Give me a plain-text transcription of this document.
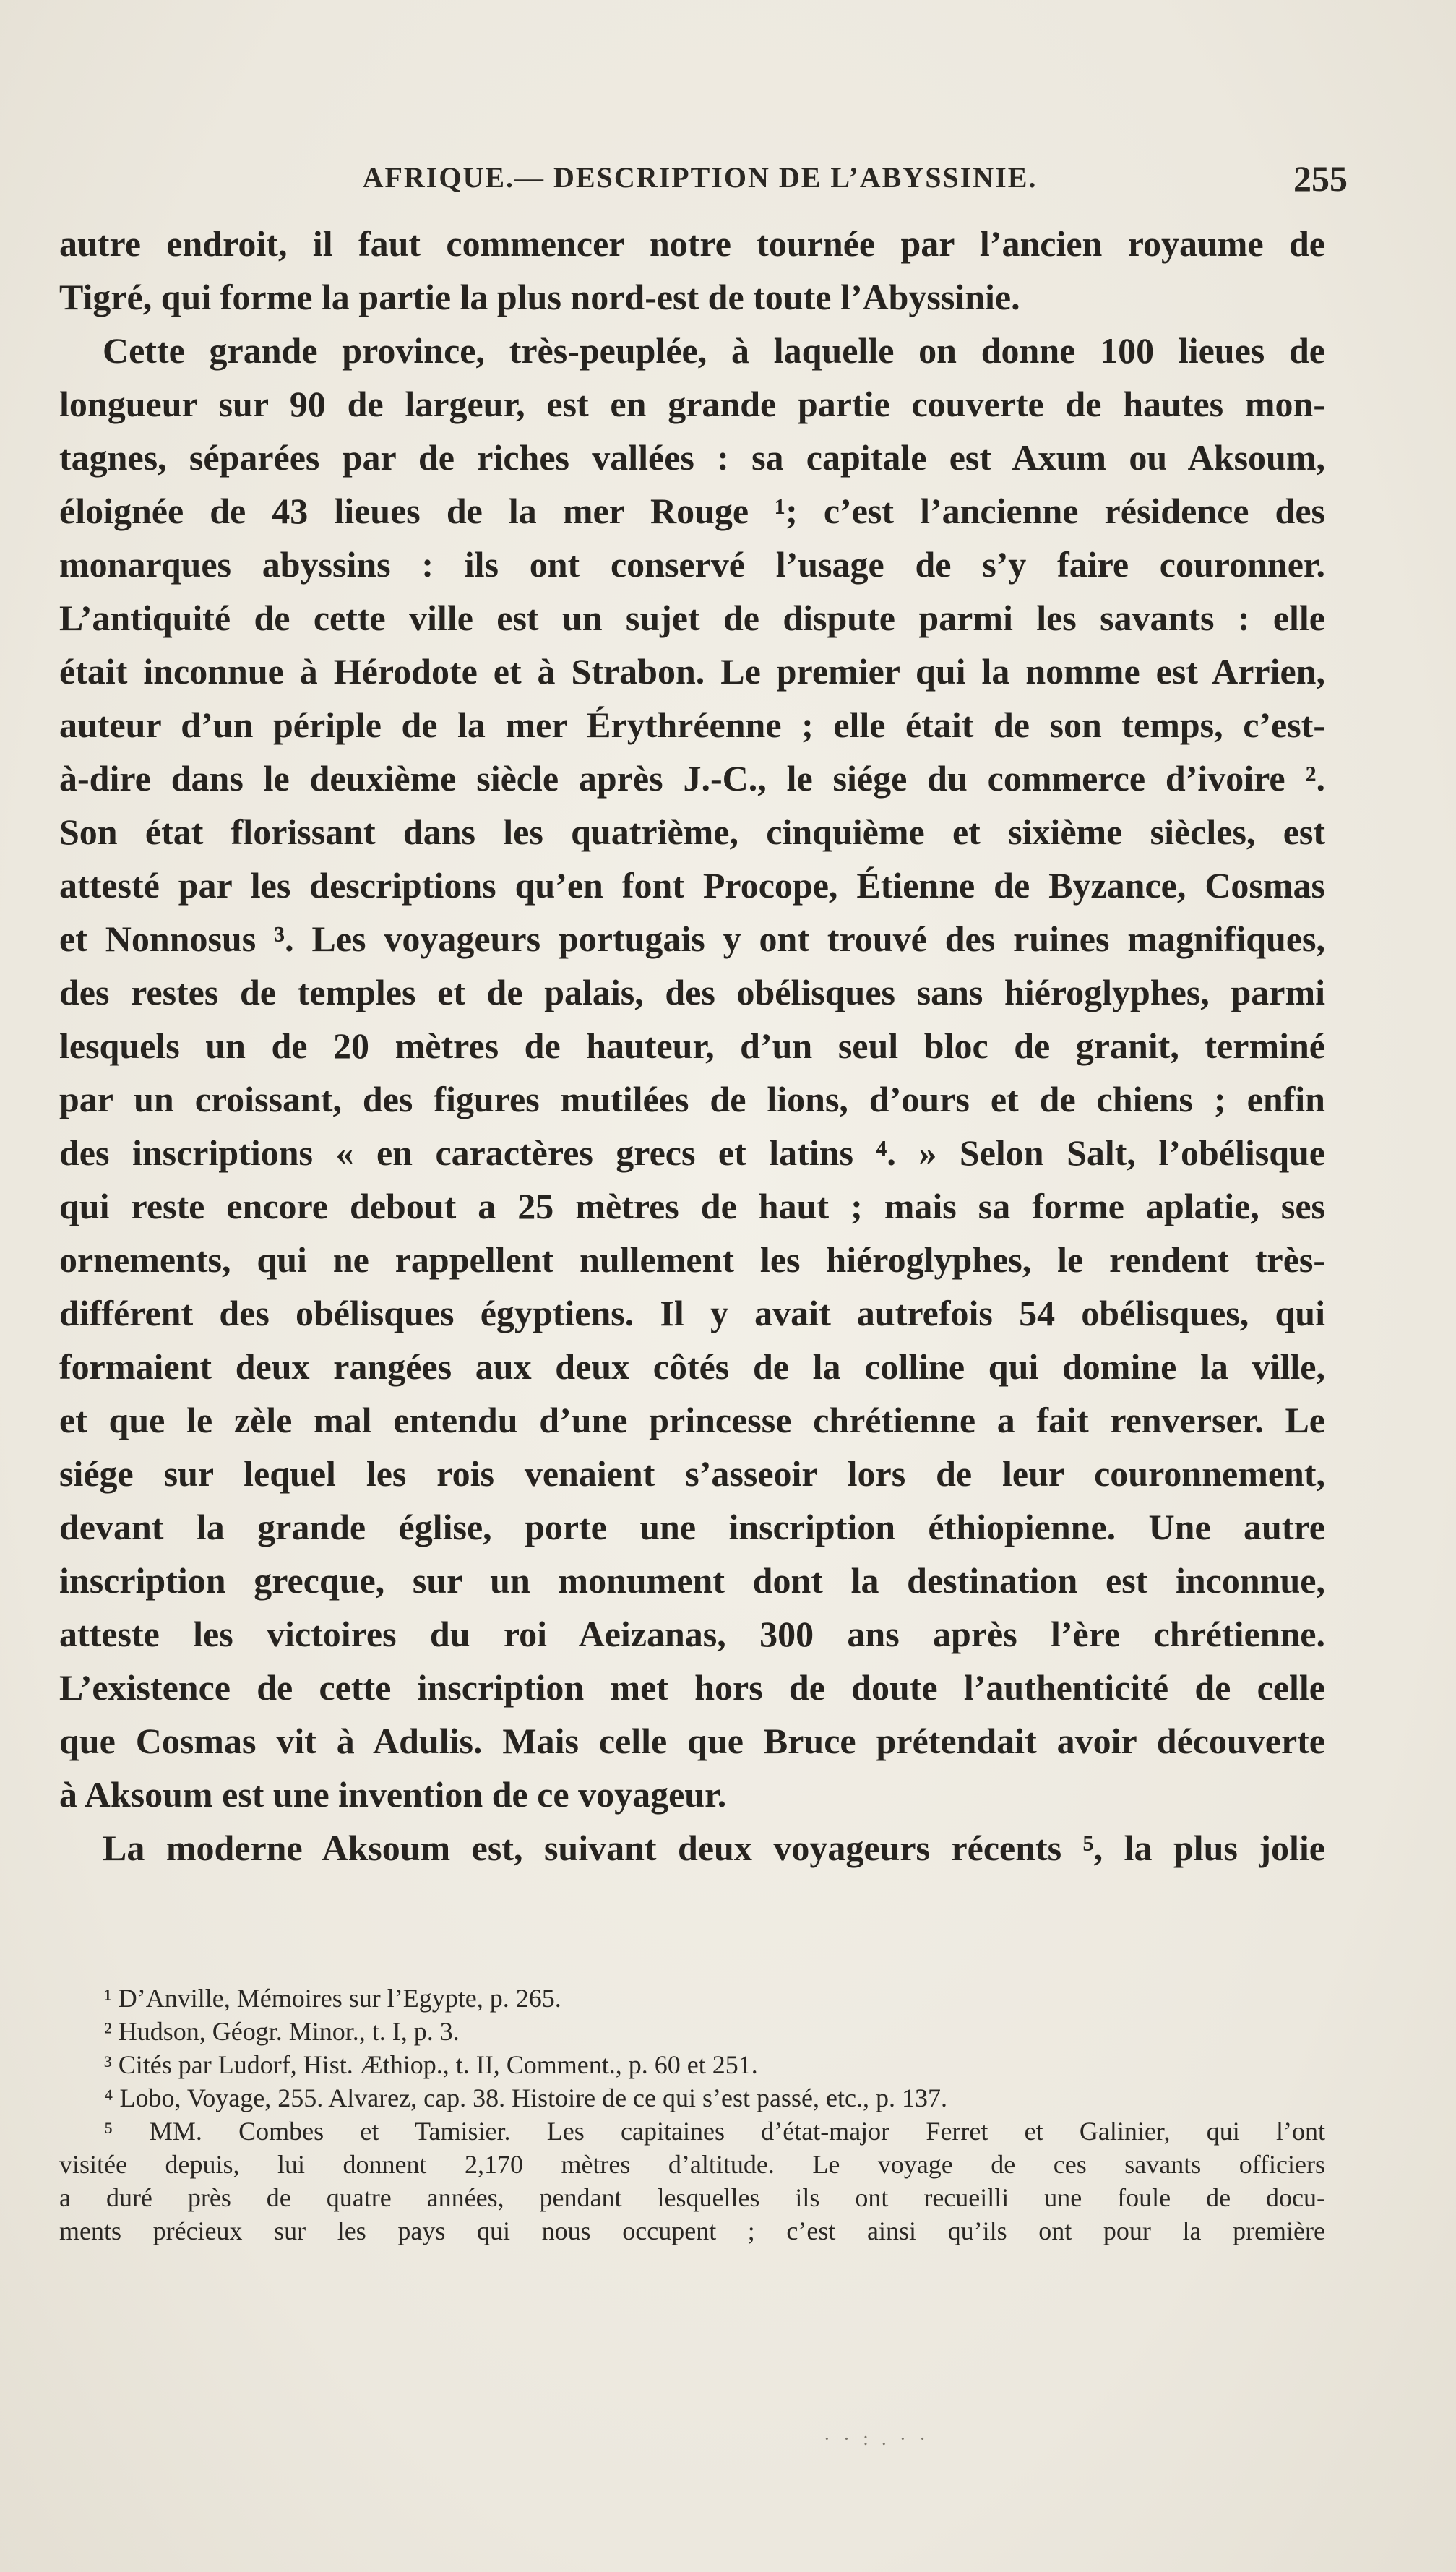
AFRIQUE.— DESCRIPTION DE L’ABYSSINIE.	255
autre endroit, il faut commencer notre tournée par l’ancien royaume de
Tigré, qui forme la partie la plus nord-est de toute l’Abyssinie.
Cette grande province, très-peuplée, à laquelle on donne 100 lieues de
longueur sur 90 de largeur, est en grande partie couverte de hautes mon-
tagnes, séparées par de riches vallées : sa capitale est Axum ou Aksoum,
éloignée de 43 lieues de la mer Rouge ¹; c’est l’ancienne résidence des
monarques abyssins : ils ont conservé l’usage de s’y faire couronner.
L’antiquité de cette ville est un sujet de dispute parmi les savants : elle
était inconnue à Hérodote et à Strabon. Le premier qui la nomme est Arrien,
auteur d’un périple de la mer Érythréenne ; elle était de son temps, c’est-
à-dire dans le deuxième siècle après J.-C., le siége du commerce d’ivoire ².
Son état florissant dans les quatrième, cinquième et sixième siècles, est
attesté par les descriptions qu’en font Procope, Étienne de Byzance, Cosmas
et Nonnosus ³. Les voyageurs portugais y ont trouvé des ruines magnifiques,
des restes de temples et de palais, des obélisques sans hiéroglyphes, parmi
lesquels un de 20 mètres de hauteur, d’un seul bloc de granit, terminé
par un croissant, des figures mutilées de lions, d’ours et de chiens ; enfin
des inscriptions « en caractères grecs et latins ⁴. » Selon Salt, l’obélisque
qui reste encore debout a 25 mètres de haut ; mais sa forme aplatie, ses
ornements, qui ne rappellent nullement les hiéroglyphes, le rendent très-
différent des obélisques égyptiens. Il y avait autrefois 54 obélisques, qui
formaient deux rangées aux deux côtés de la colline qui domine la ville,
et que le zèle mal entendu d’une princesse chrétienne a fait renverser. Le
siége sur lequel les rois venaient s’asseoir lors de leur couronnement,
devant la grande église, porte une inscription éthiopienne. Une autre
inscription grecque, sur un monument dont la destination est inconnue,
atteste les victoires du roi Aeizanas, 300 ans après l’ère chrétienne.
L’existence de cette inscription met hors de doute l’authenticité de celle
que Cosmas vit à Adulis. Mais celle que Bruce prétendait avoir découverte
à Aksoum est une invention de ce voyageur.
La moderne Aksoum est, suivant deux voyageurs récents ⁵, la plus jolie
¹ D’Anville, Mémoires sur l’Egypte, p. 265.
² Hudson, Géogr. Minor., t. I, p. 3.
³ Cités par Ludorf, Hist. Æthiop., t. II, Comment., p. 60 et 251.
⁴ Lobo, Voyage, 255. Alvarez, cap. 38. Histoire de ce qui s’est passé, etc., p. 137.
⁵ MM. Combes et Tamisier. Les capitaines d’état-major Ferret et Galinier, qui l’ont
visitée depuis, lui donnent 2,170 mètres d’altitude. Le voyage de ces savants officiers
a duré près de quatre années, pendant lesquelles ils ont recueilli une foule de docu-
ments précieux sur les pays qui nous occupent ; c’est ainsi qu’ils ont pour la première
· · : . · ·
